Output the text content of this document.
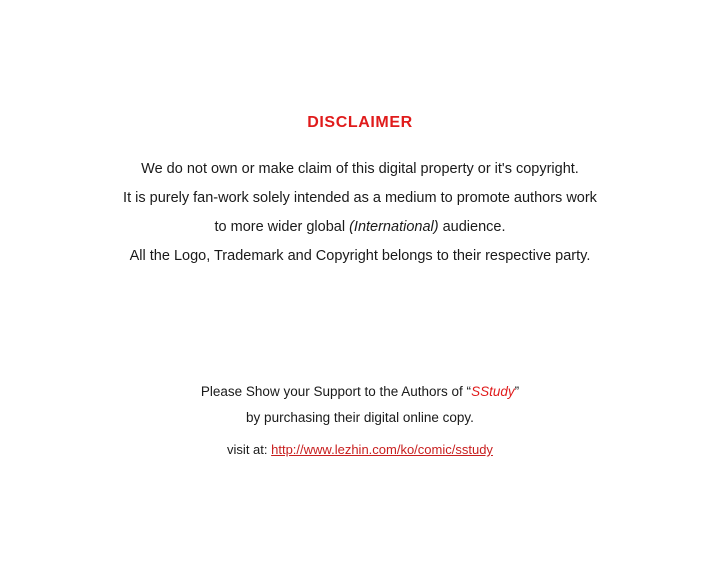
DISCLAIMER
We do not own or make claim of this digital property or it's copyright.
It is purely fan-work solely intended as a medium to promote authors work
to more wider global (International) audience.
All the Logo, Trademark and Copyright belongs to their respective party.
Please Show your Support to the Authors of “SStudy”
by purchasing their digital online copy.
visit at: http://www.lezhin.com/ko/comic/sstudy
